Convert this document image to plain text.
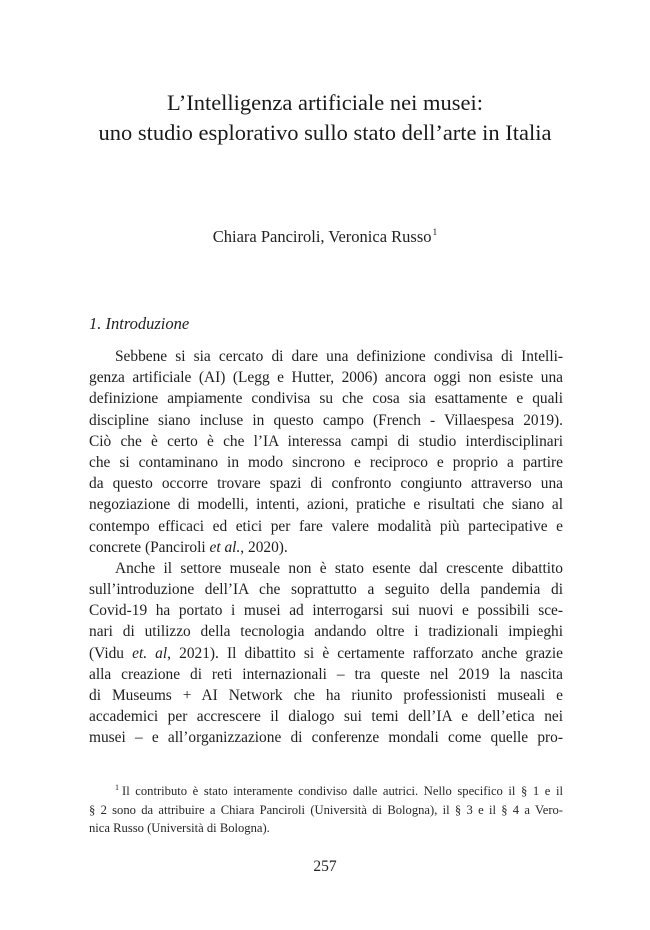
L’Intelligenza artificiale nei musei:
uno studio esplorativo sullo stato dell’arte in Italia
Chiara Panciroli, Veronica Russo$^1$
1. Introduzione
Sebbene si sia cercato di dare una definizione condivisa di Intelli-
genza artificiale (AI) (Legg e Hutter, 2006) ancora oggi non esiste una
definizione ampiamente condivisa su che cosa sia esattamente e quali
discipline siano incluse in questo campo (French - Villaespesa 2019).
Ciò che è certo è che l’IA interessa campi di studio interdisciplinari
che si contaminano in modo sincrono e reciproco e proprio a partire
da questo occorre trovare spazi di confronto congiunto attraverso una
negoziazione di modelli, intenti, azioni, pratiche e risultati che siano al
contempo efficaci ed etici per fare valere modalità più partecipative e
concrete (Panciroli et al., 2020).
Anche il settore museale non è stato esente dal crescente dibattito
sull’introduzione dell’IA che soprattutto a seguito della pandemia di
Covid-19 ha portato i musei ad interrogarsi sui nuovi e possibili sce-
nari di utilizzo della tecnologia andando oltre i tradizionali impieghi
(Vidu et. al, 2021). Il dibattito si è certamente rafforzato anche grazie
alla creazione di reti internazionali – tra queste nel 2019 la nascita
di Museums + AI Network che ha riunito professionisti museali e
accademici per accrescere il dialogo sui temi dell’IA e dell’etica nei
musei – e all’organizzazione di conferenze mondali come quelle pro-
$^1$ Il contributo è stato interamente condiviso dalle autrici. Nello specifico il § 1 e il
§ 2 sono da attribuire a Chiara Panciroli (Università di Bologna), il § 3 e il § 4 a Vero-
nica Russo (Università di Bologna).
257
